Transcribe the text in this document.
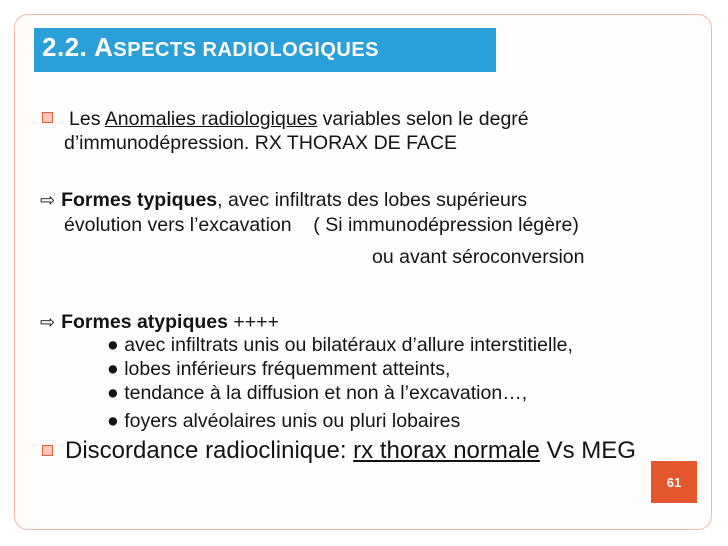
2.2. ASPECTS RADIOLOGIQUES
Les Anomalies radiologiques variables selon le degré
d’immunodépression. RX THORAX DE FACE
⇨ Formes typiques, avec infiltrats des lobes supérieurs
évolution vers l’excavation    ( Si immunodépression légère)
ou avant séroconversion
⇨ Formes atypiques ++++
● avec infiltrats unis ou bilatéraux d’allure interstitielle,
● lobes inférieurs fréquemment atteints,
● tendance à la diffusion et non à l’excavation…,
● foyers alvéolaires unis ou pluri lobaires
Discordance radioclinique: rx thorax normale Vs MEG
61
